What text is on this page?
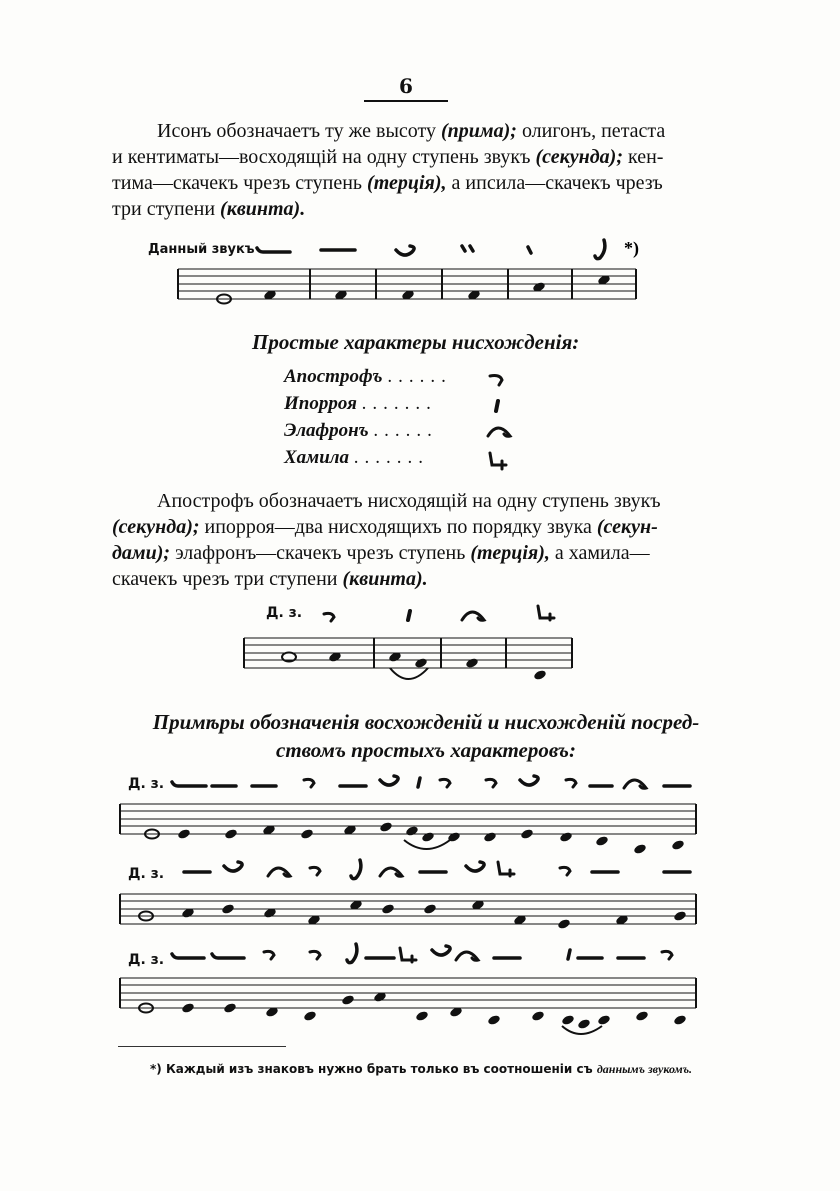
6
Исонъ обозначаетъ ту же высоту (прима); олигонъ, петаста
и кентиматы—восходящій на одну ступень звукъ (секунда); кен-
тима—скачекъ чрезъ ступень (терція), а ипсила—скачекъ чрезъ
три ступени (квинта).
Данный звукъ	*)
Простые характеры нисхожденія:
Апострофъ ......
Ипорроя .......
Элафронъ ......
Хамила .......
Апострофъ обозначаетъ нисходящій на одну ступень звукъ
(секунда); ипорроя—два нисходящихъ по порядку звука (секун-
дами); элафронъ—скачекъ чрезъ ступень (терція), а хамила—
скачекъ чрезъ три ступени (квинта).
Д. з.
Примѣры обозначенія восхожденій и нисхожденій посред-
ствомъ простыхъ характеровъ:
Д. з.
Д. з.
Д. з.
*) Каждый изъ знаковъ нужно брать только въ соотношеніи съ даннымъ звукомъ.
